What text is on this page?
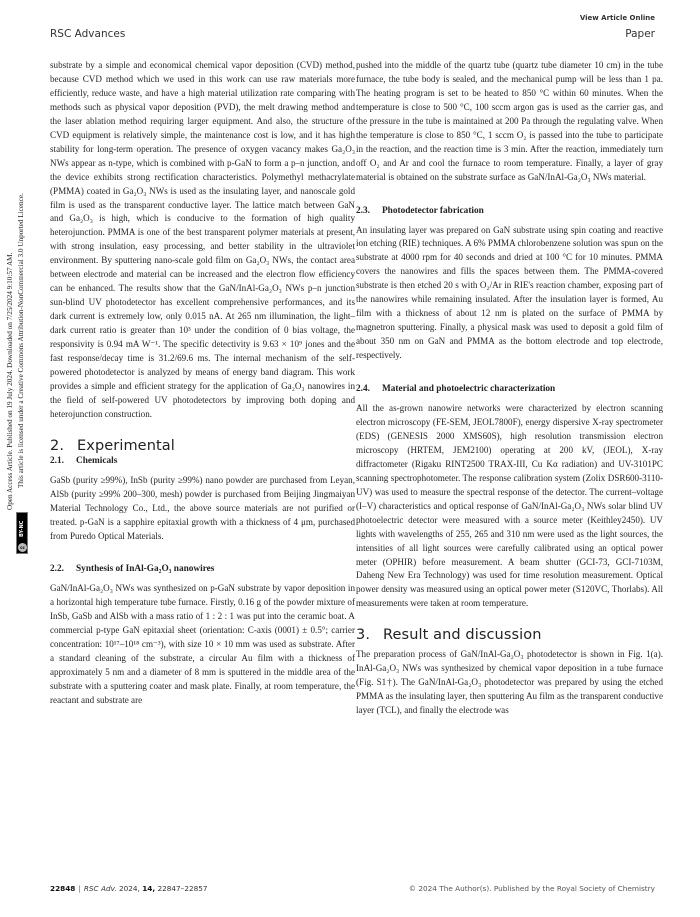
View Article Online
RSC Advances	Paper
Open Access Article. Published on 19 July 2024. Downloaded on 7/25/2024 9:10:57 AM. This article is licensed under a Creative Commons Attribution-NonCommercial 3.0 Unported Licence.
cc
BY-NC

substrate by a simple and economical chemical vapor deposition (CVD) method, because CVD method which we used in this work can use raw materials more efficiently, reduce waste, and have a high material utilization rate comparing with methods such as physical vapor deposition (PVD), the melt drawing method and the laser ablation method requiring larger equipment. And also, the structure of CVD equipment is relatively simple, the maintenance cost is low, and it has high stability for long-term operation. The presence of oxygen vacancy makes Ga₂O₃ NWs appear as n-type, which is combined with p-GaN to form a p–n junction, and the device exhibits strong rectification characteristics. Polymethyl methacrylate (PMMA) coated in Ga₂O₃ NWs is used as the insulating layer, and nanoscale gold film is used as the transparent conductive layer. The lattice match between GaN and Ga₂O₃ is high, which is conducive to the formation of high quality heterojunction. PMMA is one of the best transparent polymer materials at present, with strong insulation, easy processing, and better stability in the ultraviolet environment. By sputtering nano-scale gold film on Ga₂O₃ NWs, the contact area between electrode and material can be increased and the electron flow efficiency can be enhanced. The results show that the GaN/InAl-Ga₂O₃ NWs p–n junction sun-blind UV photodetector has excellent comprehensive performances, and its dark current is extremely low, only 0.015 nA. At 265 nm illumination, the light–dark current ratio is greater than 10³ under the condition of 0 bias voltage, the responsivity is 0.94 mA W⁻¹. The specific detectivity is 9.63 × 10⁹ jones and the fast response/decay time is 31.2/69.6 ms. The internal mechanism of the self-powered photodetector is analyzed by means of energy band diagram. This work provides a simple and efficient strategy for the application of Ga₂O₃ nanowires in the field of self-powered UV photodetectors by improving both doping and heterojunction construction.

2. Experimental
2.1. Chemicals

GaSb (purity ≥99%), InSb (purity ≥99%) nano powder are purchased from Leyan, AlSb (purity ≥99% 200–300, mesh) powder is purchased from Beijing Jingmaiyan Material Technology Co., Ltd., the above source materials are not purified or treated. p-GaN is a sapphire epitaxial growth with a thickness of 4 μm, purchased from Puredo Optical Materials.

2.2. Synthesis of InAl-Ga₂O₃ nanowires

GaN/InAl-Ga₂O₃ NWs was synthesized on p-GaN substrate by vapor deposition in a horizontal high temperature tube furnace. Firstly, 0.16 g of the powder mixture of InSb, GaSb and AlSb with a mass ratio of 1 : 2 : 1 was put into the ceramic boat. A commercial p-type GaN epitaxial sheet (orientation: C-axis (0001) ± 0.5°; carrier concentration: 10¹⁷–10¹⁸ cm⁻³), with size 10 × 10 mm was used as substrate. After a standard cleaning of the substrate, a circular Au film with a thickness of approximately 5 nm and a diameter of 8 mm is sputtered in the middle area of the substrate with a sputtering coater and mask plate. Finally, at room temperature, the reactant and substrate are

pushed into the middle of the quartz tube (quartz tube diameter 10 cm) in the tube furnace, the tube body is sealed, and the mechanical pump will be less than 1 pa. The heating program is set to be heated to 850 °C within 60 minutes. When the temperature is close to 500 °C, 100 sccm argon gas is used as the carrier gas, and the pressure in the tube is maintained at 200 Pa through the regulating valve. When the temperature is close to 850 °C, 1 sccm O₂ is passed into the tube to participate in the reaction, and the reaction time is 3 min. After the reaction, immediately turn off O₂ and Ar and cool the furnace to room temperature. Finally, a layer of gray material is obtained on the substrate surface as GaN/InAl-Ga₂O₃ NWs material.

2.3. Photodetector fabrication

An insulating layer was prepared on GaN substrate using spin coating and reactive ion etching (RIE) techniques. A 6% PMMA chlorobenzene solution was spun on the substrate at 4000 rpm for 40 seconds and dried at 100 °C for 10 minutes. PMMA covers the nanowires and fills the spaces between them. The PMMA-covered substrate is then etched 20 s with O₂/Ar in RIE's reaction chamber, exposing part of the nanowires while remaining insulated. After the insulation layer is formed, Au film with a thickness of about 12 nm is plated on the surface of PMMA by magnetron sputtering. Finally, a physical mask was used to deposit a gold film of about 350 nm on GaN and PMMA as the bottom electrode and top electrode, respectively.

2.4. Material and photoelectric characterization

All the as-grown nanowire networks were characterized by electron scanning electron microscopy (FE-SEM, JEOL7800F), energy dispersive X-ray spectrometer (EDS) (GENESIS 2000 XMS60S), high resolution transmission electron microscopy (HRTEM, JEM2100) operating at 200 kV, (JEOL), X-ray diffractometer (Rigaku RINT2500 TRAX-III, Cu Kα radiation) and UV-3101PC scanning spectrophotometer. The response calibration system (Zolix DSR600-3110-UV) was used to measure the spectral response of the detector. The current–voltage (I–V) characteristics and optical response of GaN/InAl-Ga₂O₃ NWs solar blind UV photoelectric detector were measured with a source meter (Keithley2450). UV lights with wavelengths of 255, 265 and 310 nm were used as the light sources, the intensities of all light sources were carefully calibrated using an optical power meter (OPHIR) before measurement. A beam shutter (GCI-73, GCI-7103M, Daheng New Era Technology) was used for time resolution measurement. Optical power density was measured using an optical power meter (S120VC, Thorlabs). All measurements were taken at room temperature.

3. Result and discussion

The preparation process of GaN/InAl-Ga₂O₃ photodetector is shown in Fig. 1(a). InAl-Ga₂O₃ NWs was synthesized by chemical vapor deposition in a tube furnace (Fig. S1†). The GaN/InAl-Ga₂O₃ photodetector was prepared by using the etched PMMA as the insulating layer, then sputtering Au film as the transparent conductive layer (TCL), and finally the electrode was

22848 | RSC Adv. 2024, 14, 22847–22857	© 2024 The Author(s). Published by the Royal Society of Chemistry
